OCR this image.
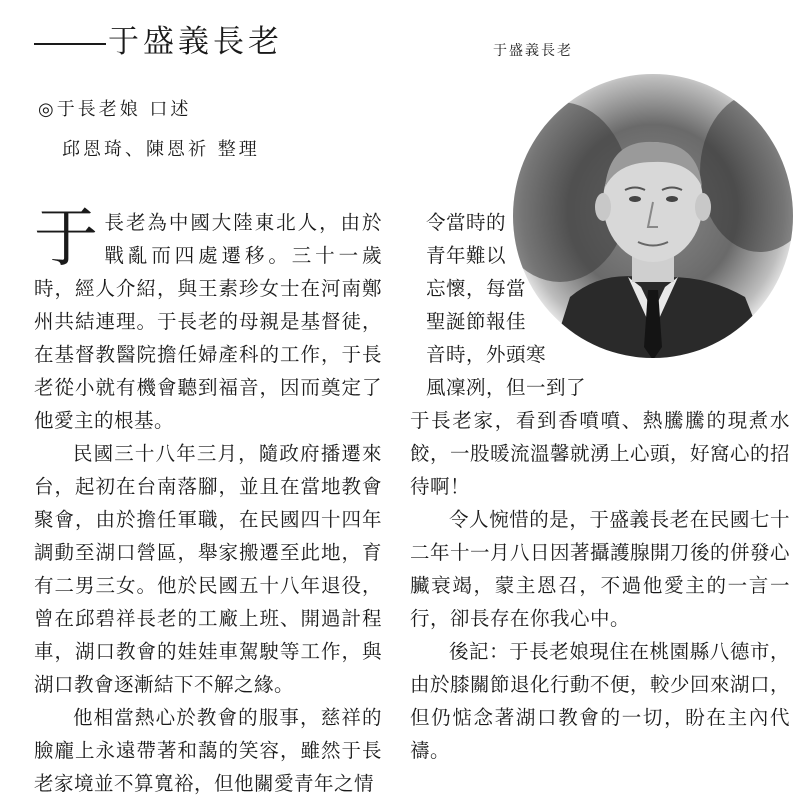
于盛義長老
◎于長老娘 口述
邱恩琦、陳恩祈 整理
于盛義長老

于長老為中國大陸東北人，由於戰亂而四處遷移。三十一歲時，經人介紹，與王素珍女士在河南鄭州共結連理。于長老的母親是基督徒，在基督教醫院擔任婦產科的工作，于長老從小就有機會聽到福音，因而奠定了他愛主的根基。

民國三十八年三月，隨政府播遷來台，起初在台南落腳，並且在當地教會聚會，由於擔任軍職，在民國四十四年調動至湖口營區，舉家搬遷至此地，育有二男三女。他於民國五十八年退役，曾在邱碧祥長老的工廠上班、開過計程車，湖口教會的娃娃車駕駛等工作，與湖口教會逐漸結下不解之緣。

他相當熱心於教會的服事，慈祥的臉龐上永遠帶著和藹的笑容，雖然于長老家境並不算寬裕，但他關愛青年之情

令當時的
青年難以
忘懷，每當
聖誕節報佳
音時，外頭寒
風凜冽，但一到了

于長老家，看到香噴噴、熱騰騰的現煮水餃，一股暖流溫馨就湧上心頭，好窩心的招待啊！

令人惋惜的是，于盛義長老在民國七十二年十一月八日因著攝護腺開刀後的併發心臟衰竭，蒙主恩召，不過他愛主的一言一行，卻長存在你我心中。

後記：于長老娘現住在桃園縣八德市，由於膝關節退化行動不便，較少回來湖口，但仍惦念著湖口教會的一切，盼在主內代禱。
